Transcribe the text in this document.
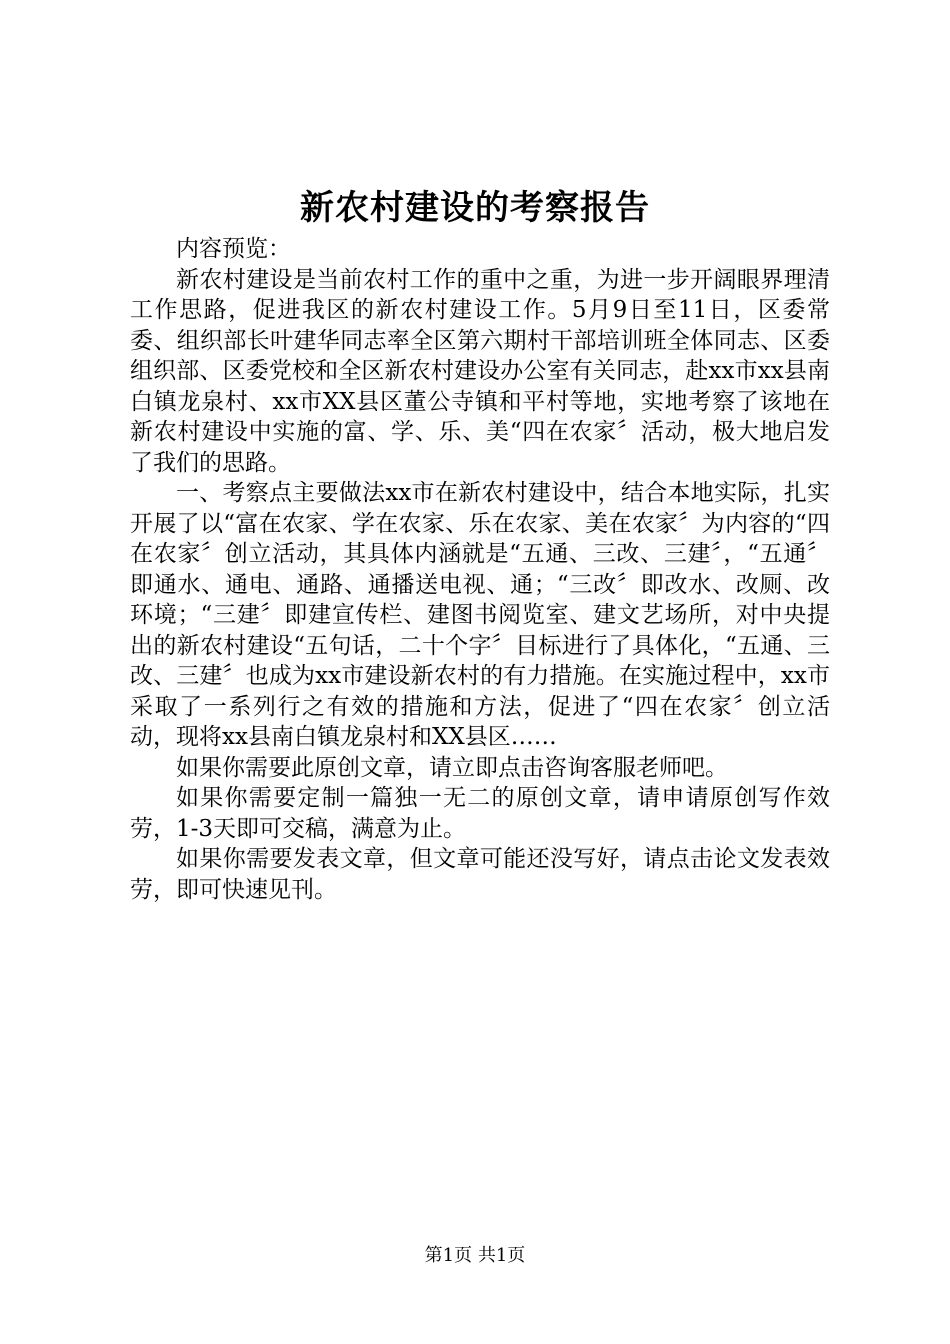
新农村建设的考察报告

内容预览：

新农村建设是当前农村工作的重中之重，为进一步开阔眼界理清工作思路，促进我区的新农村建设工作。5月9日至11日，区委常委、组织部长叶建华同志率全区第六期村干部培训班全体同志、区委组织部、区委党校和全区新农村建设办公室有关同志，赴xx市xx县南白镇龙泉村、xx市XX县区董公寺镇和平村等地，实地考察了该地在新农村建设中实施的富、学、乐、美“四在农家〞活动，极大地启发了我们的思路。

一、考察点主要做法xx市在新农村建设中，结合本地实际，扎实开展了以“富在农家、学在农家、乐在农家、美在农家〞为内容的“四在农家〞创立活动，其具体内涵就是“五通、三改、三建〞，“五通〞即通水、通电、通路、通播送电视、通；“三改〞即改水、改厕、改环境；“三建〞即建宣传栏、建图书阅览室、建文艺场所，对中央提出的新农村建设“五句话，二十个字〞目标进行了具体化，“五通、三改、三建〞也成为xx市建设新农村的有力措施。在实施过程中，xx市采取了一系列行之有效的措施和方法，促进了“四在农家〞创立活动，现将xx县南白镇龙泉村和XX县区……

如果你需要此原创文章，请立即点击咨询客服老师吧。

如果你需要定制一篇独一无二的原创文章，请申请原创写作效劳，1-3天即可交稿，满意为止。

如果你需要发表文章，但文章可能还没写好，请点击论文发表效劳，即可快速见刊。

第1页 共1页
